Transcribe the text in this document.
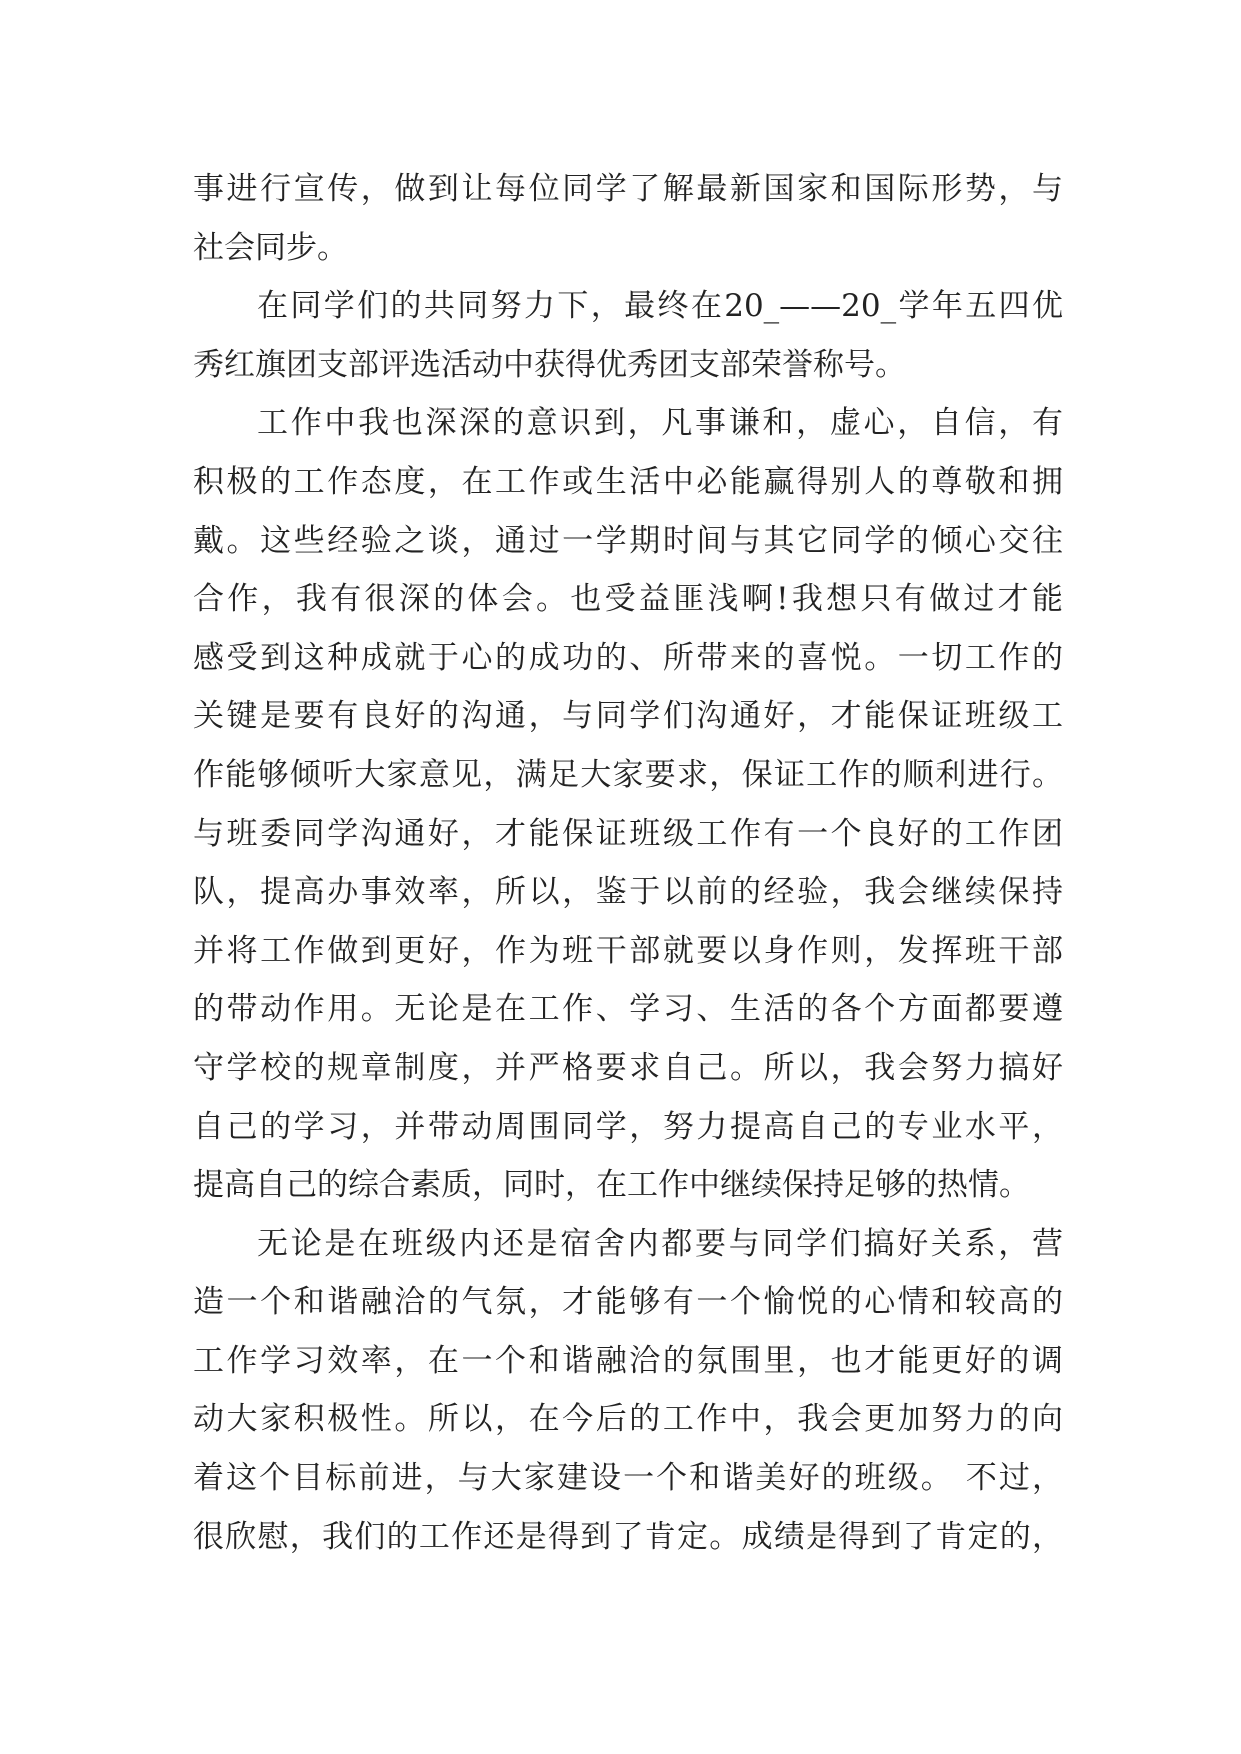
事进行宣传，做到让每位同学了解最新国家和国际形势，与
社会同步。
在同学们的共同努力下，最终在20_——20_学年五四优
秀红旗团支部评选活动中获得优秀团支部荣誉称号。
工作中我也深深的意识到，凡事谦和，虚心，自信，有
积极的工作态度，在工作或生活中必能赢得别人的尊敬和拥
戴。这些经验之谈，通过一学期时间与其它同学的倾心交往
合作，我有很深的体会。也受益匪浅啊!我想只有做过才能
感受到这种成就于心的成功的、所带来的喜悦。一切工作的
关键是要有良好的沟通，与同学们沟通好，才能保证班级工
作能够倾听大家意见，满足大家要求，保证工作的顺利进行。
与班委同学沟通好，才能保证班级工作有一个良好的工作团
队，提高办事效率，所以，鉴于以前的经验，我会继续保持
并将工作做到更好，作为班干部就要以身作则，发挥班干部
的带动作用。无论是在工作、学习、生活的各个方面都要遵
守学校的规章制度，并严格要求自己。所以，我会努力搞好
自己的学习，并带动周围同学，努力提高自己的专业水平，
提高自己的综合素质，同时，在工作中继续保持足够的热情。
无论是在班级内还是宿舍内都要与同学们搞好关系，营
造一个和谐融洽的气氛，才能够有一个愉悦的心情和较高的
工作学习效率，在一个和谐融洽的氛围里，也才能更好的调
动大家积极性。所以，在今后的工作中，我会更加努力的向
着这个目标前进，与大家建设一个和谐美好的班级。 不过，
很欣慰，我们的工作还是得到了肯定。成绩是得到了肯定的，
